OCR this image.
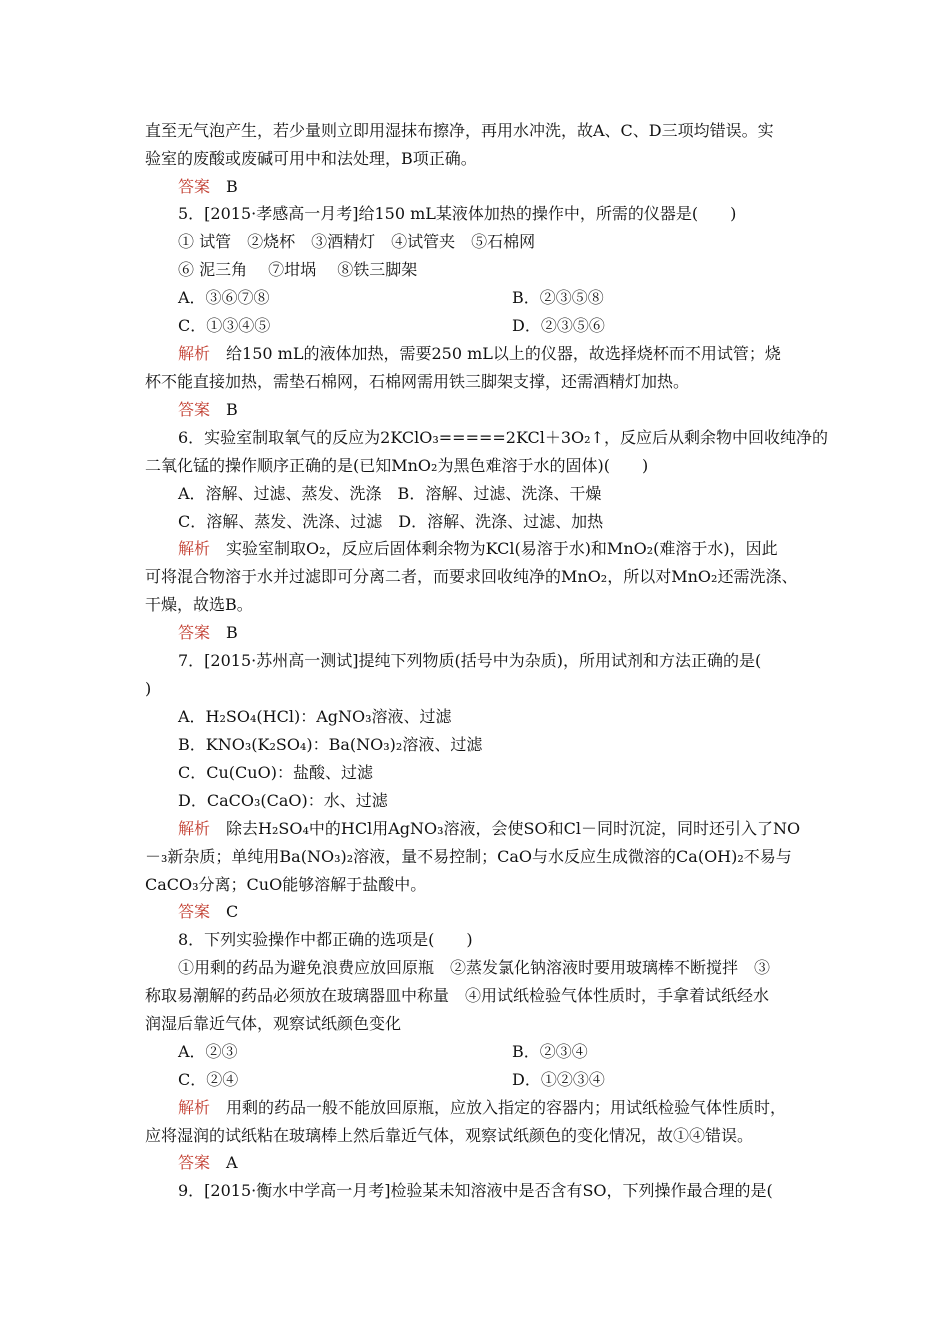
直至无气泡产生，若少量则立即用湿抹布擦净，再用水冲洗，故A、C、D三项均错误。实
验室的废酸或废碱可用中和法处理，B项正确。
答案　 B
5．[2015·孝感高一月考]给150 mL某液体加热的操作中，所需的仪器是(　　)
① 试管　②烧杯　③酒精灯　④试管夹　⑤石棉网
⑥ 泥三角　 ⑦坩埚　 ⑧铁三脚架
A．③⑥⑦⑧	B．②③⑤⑧
C．①③④⑤	D．②③⑤⑥
解析　 给150 mL的液体加热，需要250 mL以上的仪器，故选择烧杯而不用试管；烧
杯不能直接加热，需垫石棉网，石棉网需用铁三脚架支撑，还需酒精灯加热。
答案　 B
6．实验室制取氧气的反应为2KClO₃=====2KCl＋3O₂↑，反应后从剩余物中回收纯净的
二氧化锰的操作顺序正确的是(已知MnO₂为黑色难溶于水的固体)(　　)
A．溶解、过滤、蒸发、洗涤　B．溶解、过滤、洗涤、干燥
C．溶解、蒸发、洗涤、过滤　D．溶解、洗涤、过滤、加热
解析　 实验室制取O₂，反应后固体剩余物为KCl(易溶于水)和MnO₂(难溶于水)，因此
可将混合物溶于水并过滤即可分离二者，而要求回收纯净的MnO₂，所以对MnO₂还需洗涤、
干燥，故选B。
答案　 B
7．[2015·苏州高一测试]提纯下列物质(括号中为杂质)，所用试剂和方法正确的是(
)
A．H₂SO₄(HCl)：AgNO₃溶液、过滤
B．KNO₃(K₂SO₄)：Ba(NO₃)₂溶液、过滤
C．Cu(CuO)：盐酸、过滤
D．CaCO₃(CaO)：水、过滤
解析　 除去H₂SO₄中的HCl用AgNO₃溶液，会使SO和Cl－同时沉淀，同时还引入了NO
－₃新杂质；单纯用Ba(NO₃)₂溶液，量不易控制；CaO与水反应生成微溶的Ca(OH)₂不易与
CaCO₃分离；CuO能够溶解于盐酸中。
答案　 C
8．下列实验操作中都正确的选项是(　　)
①用剩的药品为避免浪费应放回原瓶　②蒸发氯化钠溶液时要用玻璃棒不断搅拌　③
称取易潮解的药品必须放在玻璃器皿中称量　④用试纸检验气体性质时，手拿着试纸经水
润湿后靠近气体，观察试纸颜色变化
A．②③	B．②③④
C．②④	D．①②③④
解析　 用剩的药品一般不能放回原瓶，应放入指定的容器内；用试纸检验气体性质时，
应将湿润的试纸粘在玻璃棒上然后靠近气体，观察试纸颜色的变化情况，故①④错误。
答案　 A
9．[2015·衡水中学高一月考]检验某未知溶液中是否含有SO，下列操作最合理的是(
